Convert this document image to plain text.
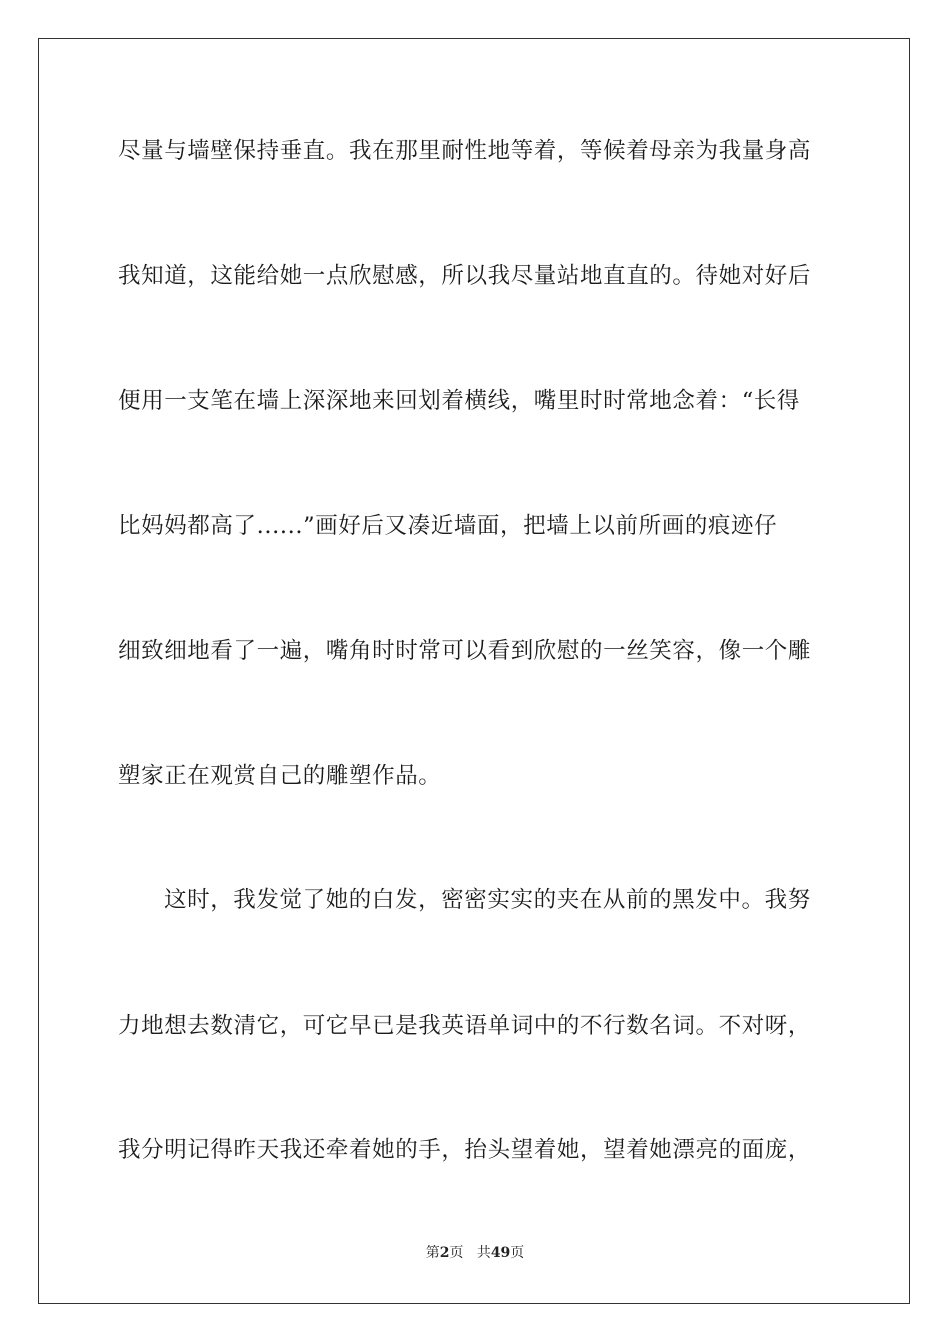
尽量与墙壁保持垂直。我在那里耐性地等着，等候着母亲为我量身高
我知道，这能给她一点欣慰感，所以我尽量站地直直的。待她对好后
便用一支笔在墙上深深地来回划着横线，嘴里时时常地念着：“长得
比妈妈都高了......”画好后又凑近墙面，把墙上以前所画的痕迹仔
细致细地看了一遍，嘴角时时常可以看到欣慰的一丝笑容，像一个雕
塑家正在观赏自己的雕塑作品。
这时，我发觉了她的白发，密密实实的夹在从前的黑发中。我努
力地想去数清它，可它早已是我英语单词中的不行数名词。不对呀，
我分明记得昨天我还牵着她的手，抬头望着她，望着她漂亮的面庞，
第2页 共49页
